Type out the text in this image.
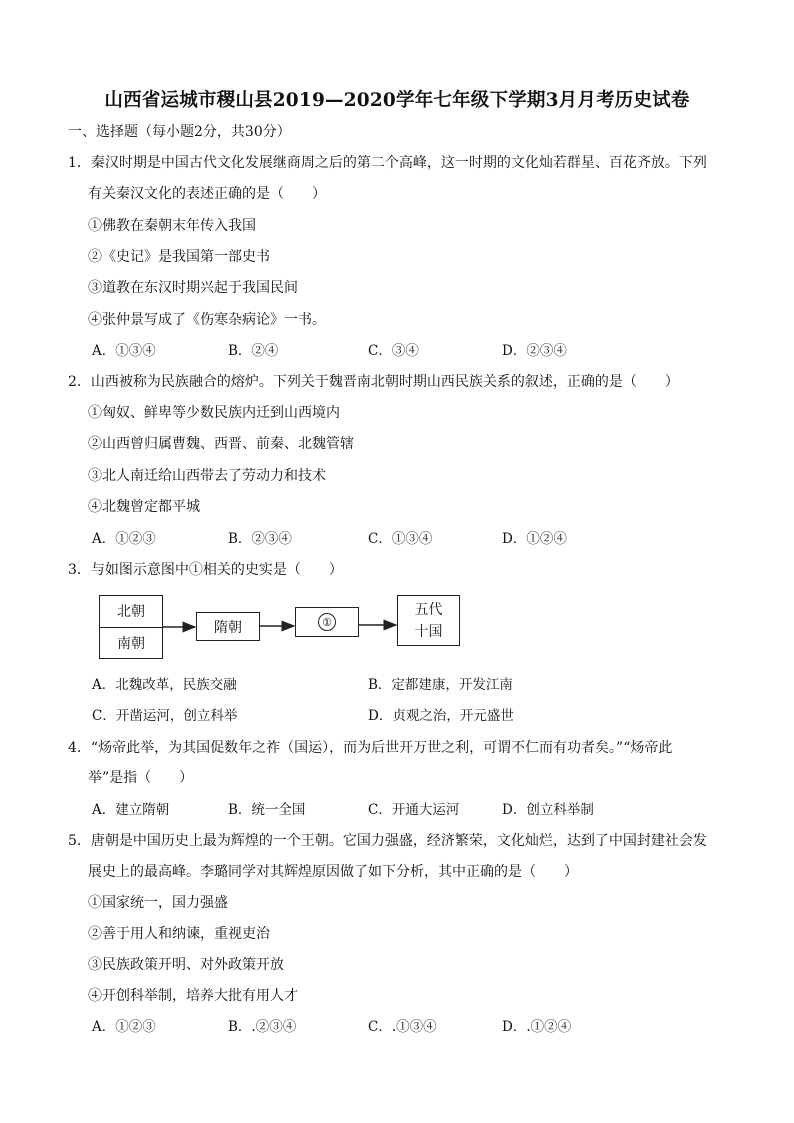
山西省运城市稷山县2019—2020学年七年级下学期3月月考历史试卷
一、选择题（每小题2分，共30分）
1．秦汉时期是中国古代文化发展继商周之后的第二个高峰，这一时期的文化灿若群星、百花齐放。下列
有关秦汉文化的表述正确的是（　　）
①佛教在秦朝末年传入我国
②《史记》是我国第一部史书
③道教在东汉时期兴起于我国民间
④张仲景写成了《伤寒杂病论》一书。
A．①③④	B．②④	C．③④	D．②③④
2．山西被称为民族融合的熔炉。下列关于魏晋南北朝时期山西民族关系的叙述，正确的是（　　）
①匈奴、鲜卑等少数民族内迁到山西境内
②山西曾归属曹魏、西晋、前秦、北魏管辖
③北人南迁给山西带去了劳动力和技术
④北魏曾定都平城
A．①②③	B．②③④	C．①③④	D．①②④
3．与如图示意图中①相关的史实是（　　）
北朝
南朝
隋朝	①
五代
十国
A．北魏改革，民族交融	B．定都建康，开发江南
C．开凿运河，创立科举	D．贞观之治，开元盛世
4．“炀帝此举，为其国促数年之祚（国运），而为后世开万世之利，可谓不仁而有功者矣。”“炀帝此
举”是指（　　）
A．建立隋朝	B．统一全国	C．开通大运河	D．创立科举制
5．唐朝是中国历史上最为辉煌的一个王朝。它国力强盛，经济繁荣，文化灿烂，达到了中国封建社会发
展史上的最高峰。李璐同学对其辉煌原因做了如下分析，其中正确的是（　　）
①国家统一，国力强盛
②善于用人和纳谏，重视吏治
③民族政策开明、对外政策开放
④开创科举制，培养大批有用人才
A．①②③	B．.②③④	C．.①③④	D．.①②④
